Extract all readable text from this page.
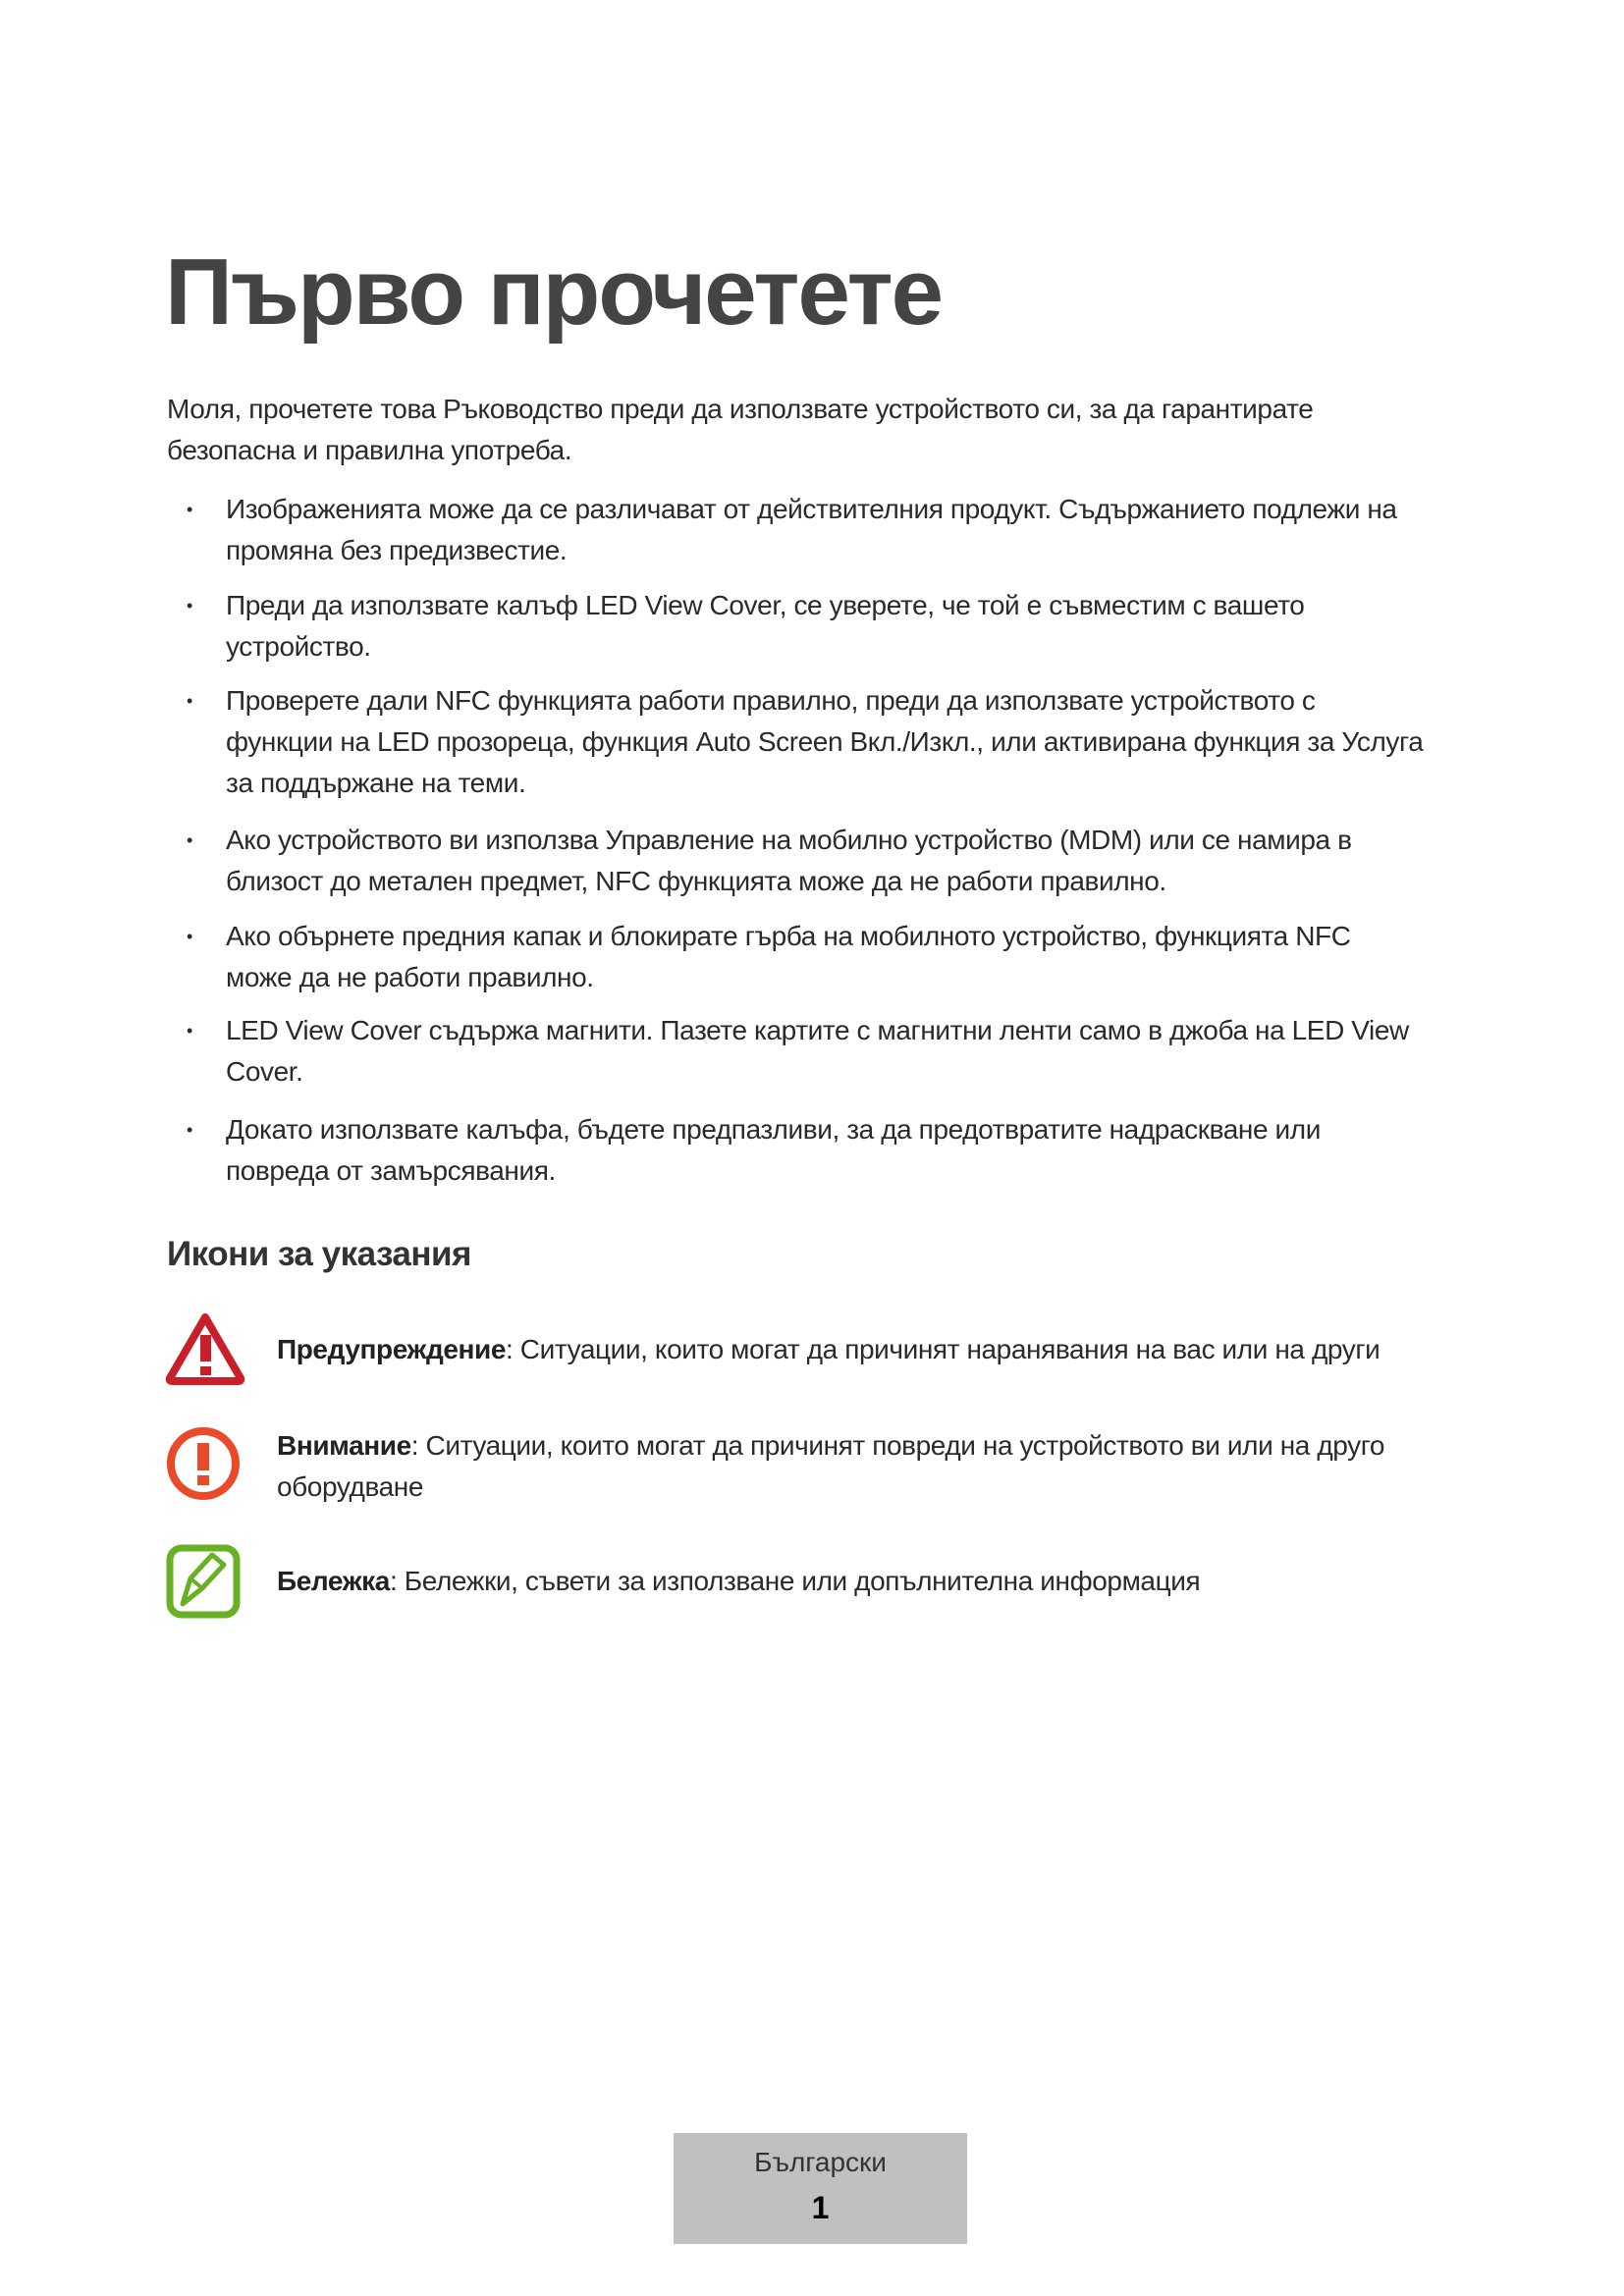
Първо прочетете
Моля, прочетете това Ръководство преди да използвате устройството си, за да гарантирате
безопасна и правилна употреба.
• Изображенията може да се различават от действителния продукт. Съдържанието подлежи на
промяна без предизвестие.
• Преди да използвате калъф LED View Cover, се уверете, че той е съвместим с вашето
устройство.
• Проверете дали NFC функцията работи правилно, преди да използвате устройството с
функции на LED прозореца, функция Auto Screen Вкл./Изкл., или активирана функция за Услуга
за поддържане на теми.
• Ако устройството ви използва Управление на мобилно устройство (MDM) или се намира в
близост до метален предмет, NFC функцията може да не работи правилно.
• Ако обърнете предния капак и блокирате гърба на мобилното устройство, функцията NFC
може да не работи правилно.
• LED View Cover съдържа магнити. Пазете картите с магнитни ленти само в джоба на LED View
Cover.
• Докато използвате калъфа, бъдете предпазливи, за да предотвратите надраскване или
повреда от замърсявания.
Икони за указания
Предупреждение: Ситуации, които могат да причинят наранявания на вас или на други
Внимание: Ситуации, които могат да причинят повреди на устройството ви или на друго
оборудване
Бележка: Бележки, съвети за използване или допълнителна информация
Български
1
